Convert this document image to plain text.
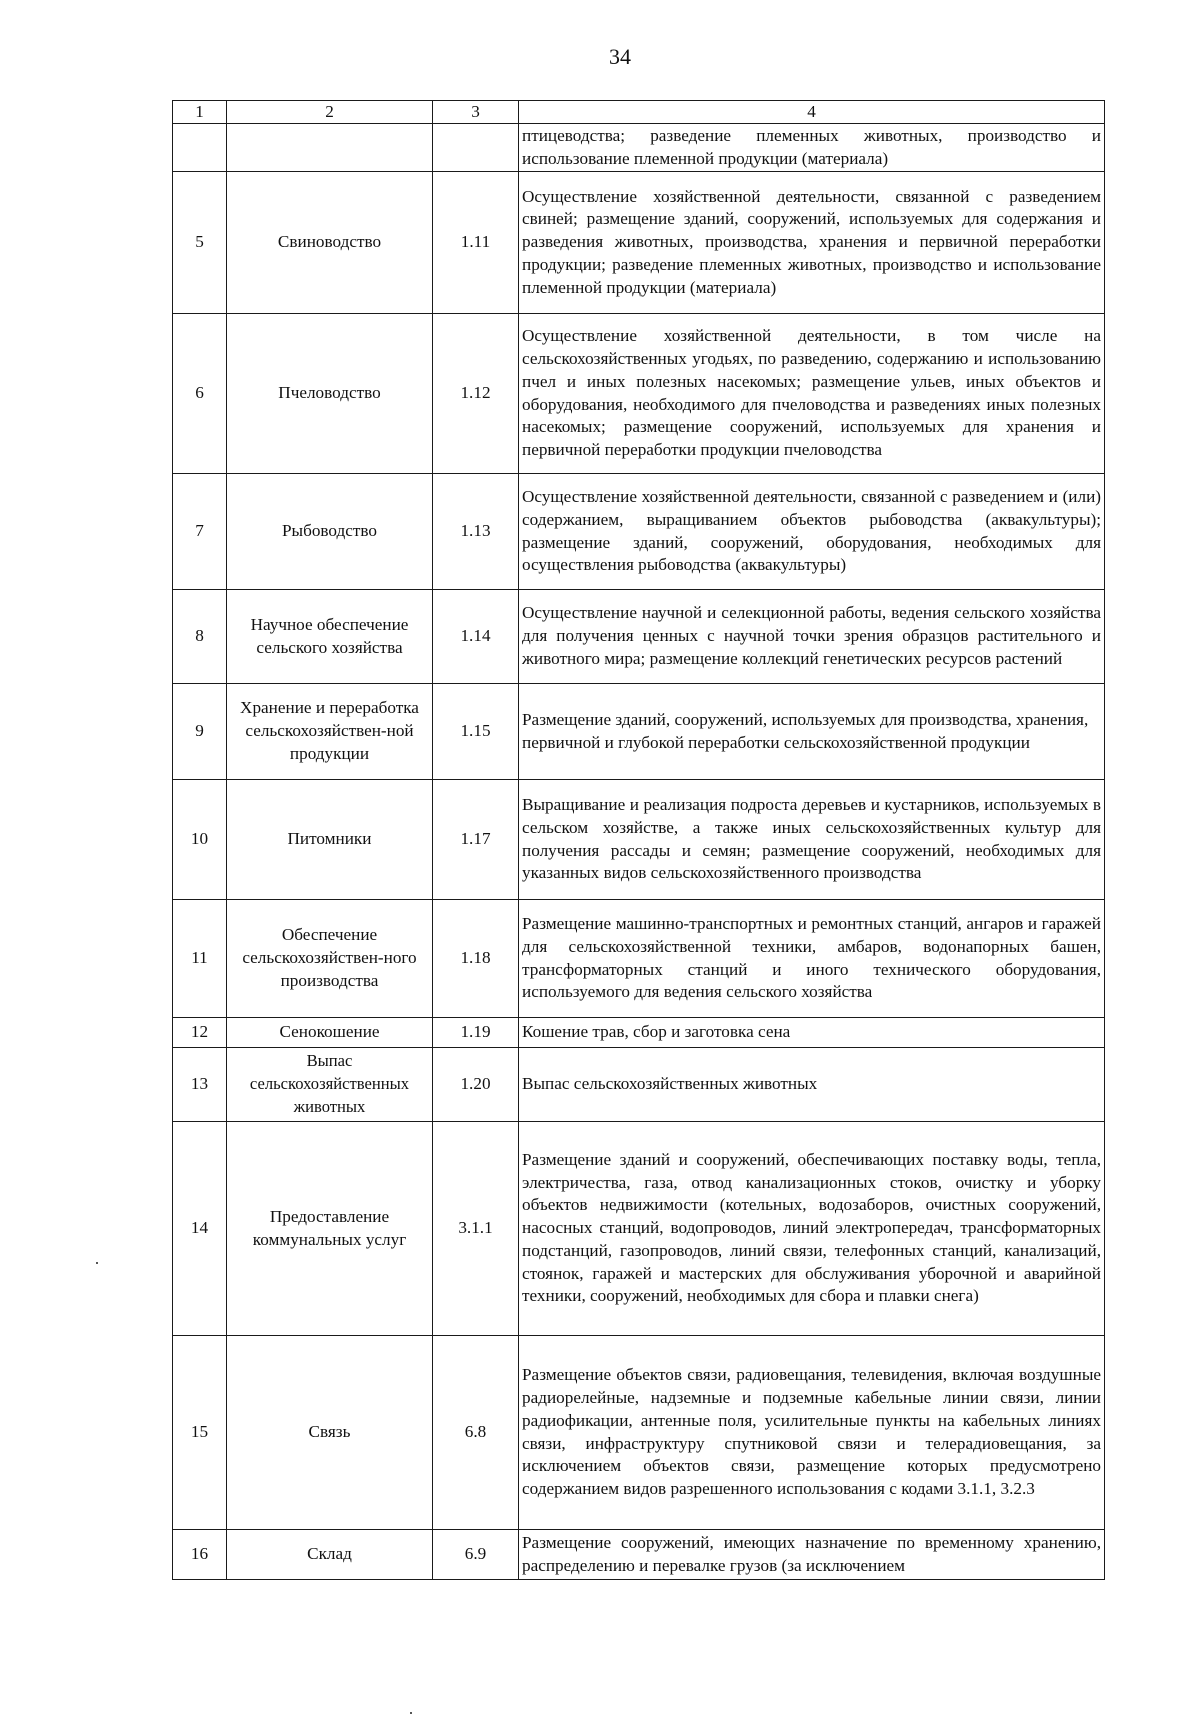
34
1	2	3	4
			птицеводства; разведение племенных животных, производство и использование племенной продукции (материала)
5	Свиноводство	1.11	Осуществление хозяйственной деятельности, связанной с разведением свиней; размещение зданий, сооружений, используемых для содержания и разведения животных, производства, хранения и первичной переработки продукции; разведение племенных животных, производство и использование племенной продукции (материала)
6	Пчеловодство	1.12	Осуществление хозяйственной деятельности, в том числе на сельскохозяйственных угодьях, по разведению, содержанию и использованию пчел и иных полезных насекомых; размещение ульев, иных объектов и оборудования, необходимого для пчеловодства и разведениях иных полезных насекомых; размещение сооружений, используемых для хранения и первичной переработки продукции пчеловодства
7	Рыбоводство	1.13	Осуществление хозяйственной деятельности, связанной с разведением и (или) содержанием, выращиванием объектов рыбоводства (аквакультуры); размещение зданий, сооружений, оборудования, необходимых для осуществления рыбоводства (аквакультуры)
8	Научное обеспечение сельского хозяйства	1.14	Осуществление научной и селекционной работы, ведения сельского хозяйства для получения ценных с научной точки зрения образцов растительного и животного мира; размещение коллекций генетических ресурсов растений
9	Хранение и переработка сельскохозяйствен-ной продукции	1.15	Размещение зданий, сооружений, используемых для производства, хранения, первичной и глубокой переработки сельскохозяйственной продукции
10	Питомники	1.17	Выращивание и реализация подроста деревьев и кустарников, используемых в сельском хозяйстве, а также иных сельскохозяйственных культур для получения рассады и семян; размещение сооружений, необходимых для указанных видов сельскохозяйственного производства
11	Обеспечение сельскохозяйствен-ного производства	1.18	Размещение машинно-транспортных и ремонтных станций, ангаров и гаражей для сельскохозяйственной техники, амбаров, водонапорных башен, трансформаторных станций и иного технического оборудования, используемого для ведения сельского хозяйства
12	Сенокошение	1.19	Кошение трав, сбор и заготовка сена
13	Выпас сельскохозяйственных животных	1.20	Выпас сельскохозяйственных животных
14	Предоставление коммунальных услуг	3.1.1	Размещение зданий и сооружений, обеспечивающих поставку воды, тепла, электричества, газа, отвод канализационных стоков, очистку и уборку объектов недвижимости (котельных, водозаборов, очистных сооружений, насосных станций, водопроводов, линий электропередач, трансформаторных подстанций, газопроводов, линий связи, телефонных станций, канализаций, стоянок, гаражей и мастерских для обслуживания уборочной и аварийной техники, сооружений, необходимых для сбора и плавки снега)
15	Связь	6.8	Размещение объектов связи, радиовещания, телевидения, включая воздушные радиорелейные, надземные и подземные кабельные линии связи, линии радиофикации, антенные поля, усилительные пункты на кабельных линиях связи, инфраструктуру спутниковой связи и телерадиовещания, за исключением объектов связи, размещение которых предусмотрено содержанием видов разрешенного использования с кодами 3.1.1, 3.2.3
16	Склад	6.9	Размещение сооружений, имеющих назначение по временному хранению, распределению и перевалке грузов (за исключением
